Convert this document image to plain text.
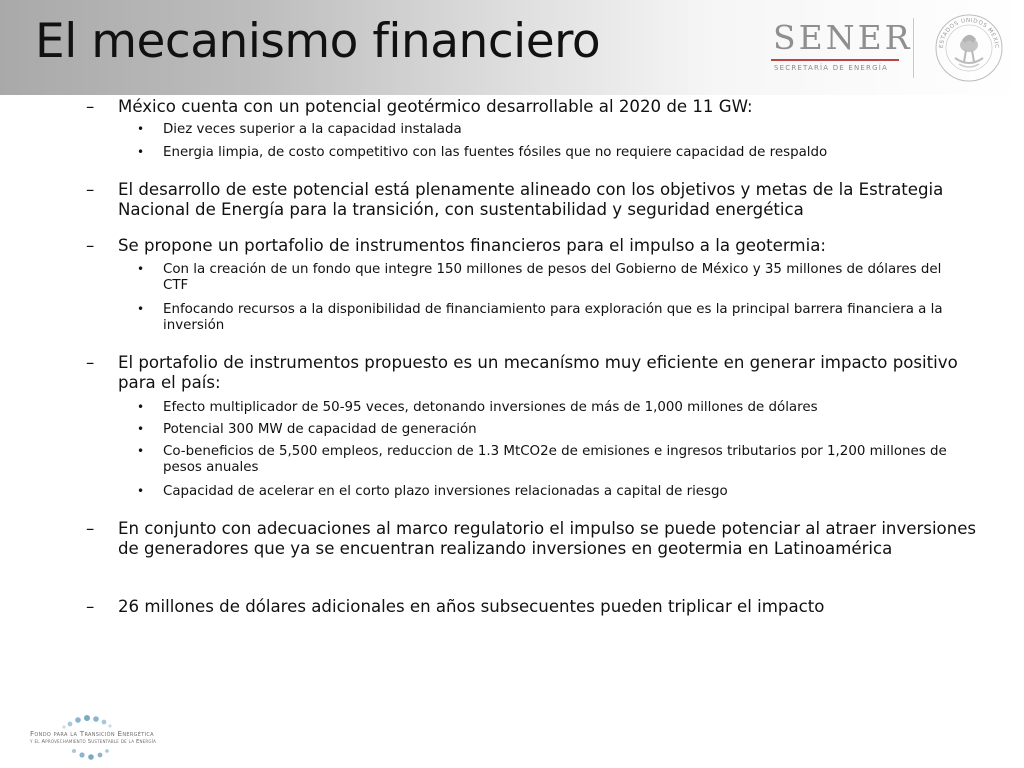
El mecanismo financiero	SENER
SECRETARÍA DE ENERGÍA
ESTADOS UNIDOS MEXIC
– México cuenta con un potencial geotérmico desarrollable al 2020 de 11 GW:
• Diez veces superior a la capacidad instalada
• Energia limpia, de costo competitivo con las fuentes fósiles que no requiere capacidad de respaldo
– El desarrollo de este potencial está plenamente alineado con los objetivos y metas de la Estrategia Nacional de Energía para la transición, con sustentabilidad y seguridad energética
– Se propone un portafolio de instrumentos financieros para el impulso a la geotermia:
• Con la creación de un fondo que integre 150 millones de pesos del Gobierno de México y 35 millones de dólares del CTF
• Enfocando recursos a la disponibilidad de financiamiento para exploración que es la principal barrera financiera a la inversión
– El portafolio de instrumentos propuesto es un mecanísmo muy eficiente en generar impacto positivo para el país:
• Efecto multiplicador de 50-95 veces, detonando inversiones de más de 1,000 millones de dólares
• Potencial 300 MW de capacidad de generación
• Co-beneficios de 5,500 empleos, reduccion de 1.3 MtCO2e de emisiones e ingresos tributarios por 1,200 millones de pesos anuales
• Capacidad de acelerar en el corto plazo inversiones relacionadas a capital de riesgo
– En conjunto con adecuaciones al marco regulatorio el impulso se puede potenciar al atraer inversiones de generadores que ya se encuentran realizando inversiones en geotermia en Latinoamérica
– 26 millones de dólares adicionales en años subsecuentes pueden triplicar el impacto
Fondo para la Transición Energética
y el Aprovechamiento Sustentable de la Energía
